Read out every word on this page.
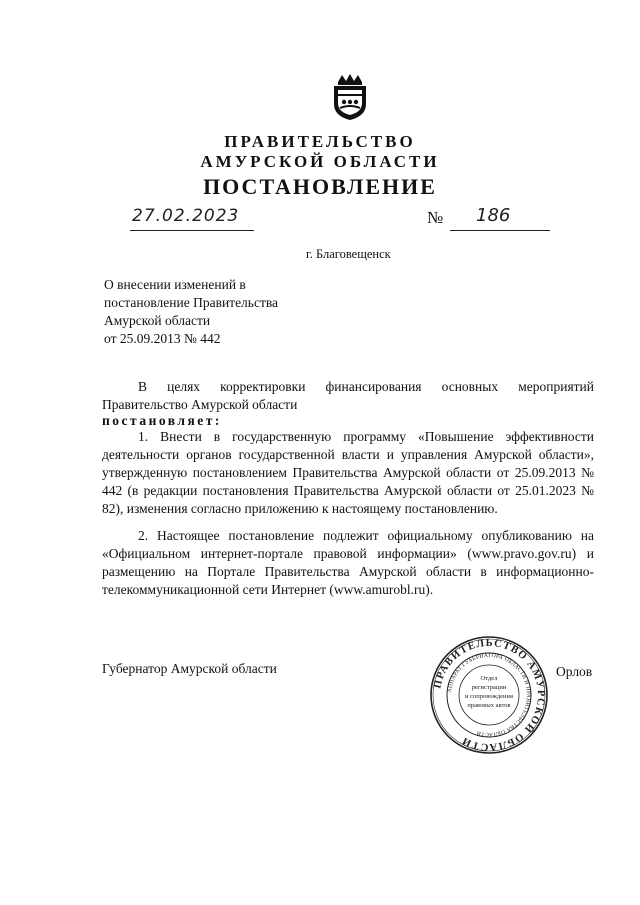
ПРАВИТЕЛЬСТВО
АМУРСКОЙ ОБЛАСТИ
ПОСТАНОВЛЕНИЕ
27.02.2023	№ 186
г. Благовещенск
О внесении изменений в
постановление Правительства
Амурской области
от 25.09.2013 № 442
В целях корректировки финансирования основных мероприятий Правительство Амурской области
постановляет:
1. Внести в государственную программу «Повышение эффективности деятельности органов государственной власти и управления Амурской области», утвержденную постановлением Правительства Амурской области от 25.09.2013 № 442 (в редакции постановления Правительства Амурской области от 25.01.2023 № 82), изменения согласно приложению к настоящему постановлению.
2. Настоящее постановление подлежит официальному опубликованию на «Официальном интернет-портале правовой информации» (www.pravo.gov.ru) и размещению на Портале Правительства Амурской области в информационно-телекоммуникационной сети Интернет (www.amurobl.ru).
Губернатор Амурской области	Орлов
ПРАВИТЕЛЬСТВО АМУРСКОЙ ОБЛАСТИ
АППАРАТ ГУБЕРНАТОРА ОБЛАСТИ И ПРАВИТЕЛЬСТВА ОБЛАСТИ
Отдел
регистрации
и сопровождения
правовых актов
